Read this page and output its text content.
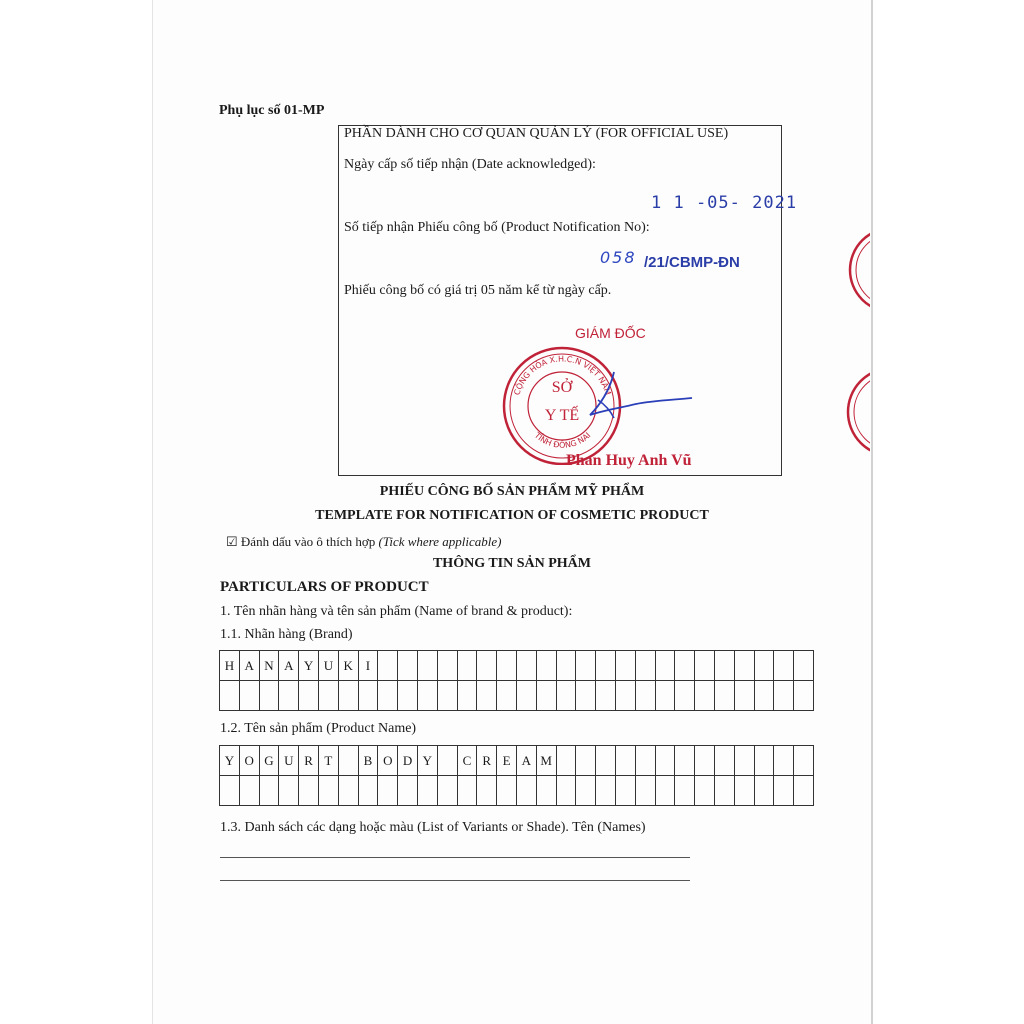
Phụ lục số 01-MP
PHẦN DÀNH CHO CƠ QUAN QUẢN LÝ (FOR OFFICIAL USE)
Ngày cấp số tiếp nhận (Date acknowledged):
Số tiếp nhận Phiếu công bố (Product Notification No):
Phiếu công bố có giá trị 05 năm kể từ ngày cấp.
1 1 -05- 2021
058 /21/CBMP-ĐN
GIÁM ĐỐC
CỘNG HÒA X.H.C.N VIỆT NAM
TỈNH ĐỒNG NAI
SỞ
Y TẾ
Phan Huy Anh Vũ
PHIẾU CÔNG BỐ SẢN PHẨM MỸ PHẨM
TEMPLATE FOR NOTIFICATION OF COSMETIC PRODUCT
☑ Đánh dấu vào ô thích hợp (Tick where applicable)
THÔNG TIN SẢN PHẨM
PARTICULARS OF PRODUCT
1. Tên nhãn hàng và tên sản phẩm (Name of brand & product):
1.1. Nhãn hàng (Brand)
H	A	N	A	Y	U	K	I																						

1.2. Tên sản phẩm (Product Name)
Y	O	G	U	R	T		B	O	D	Y		C	R	E	A	M													

1.3. Danh sách các dạng hoặc màu (List of Variants or Shade). Tên (Names)
